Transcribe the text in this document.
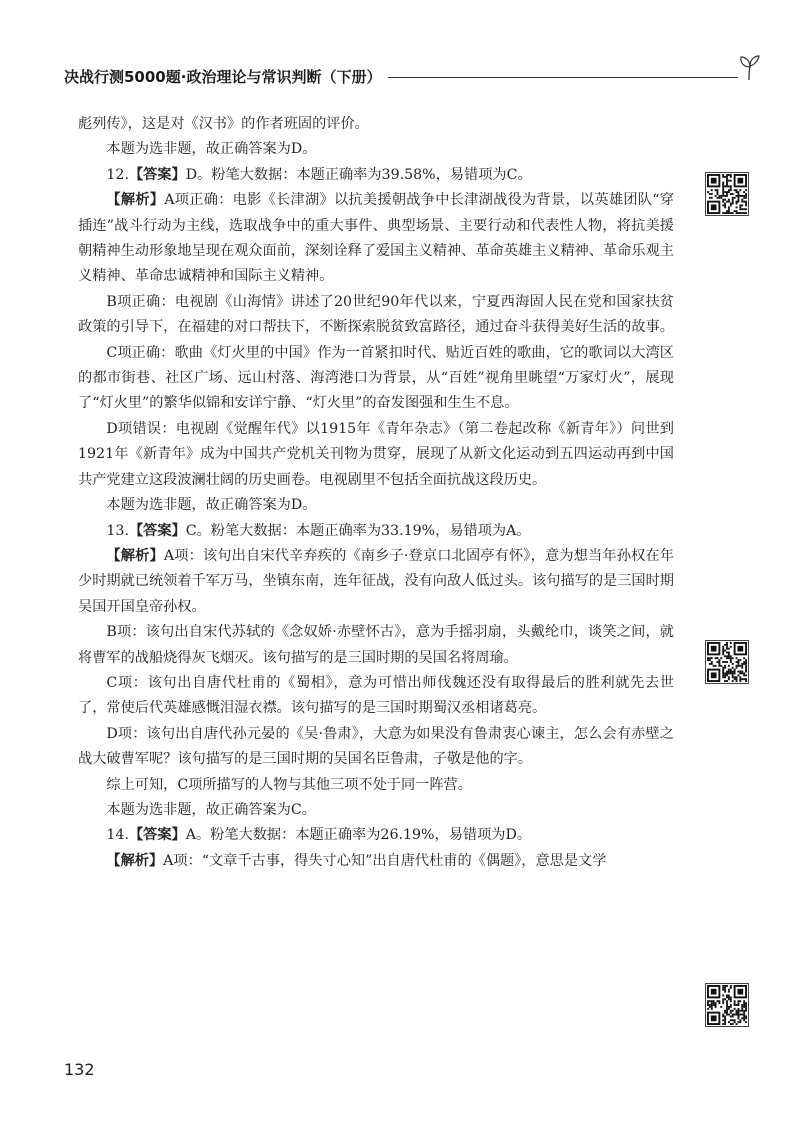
决战行测5000题·政治理论与常识判断（下册）

彪列传》，这是对《汉书》的作者班固的评价。

本题为选非题，故正确答案为D。

12.【答案】D。粉笔大数据：本题正确率为39.58%，易错项为C。

【解析】A项正确：电影《长津湖》以抗美援朝战争中长津湖战役为背景，以英雄团队“穿插连”战斗行动为主线，选取战争中的重大事件、典型场景、主要行动和代表性人物，将抗美援朝精神生动形象地呈现在观众面前，深刻诠释了爱国主义精神、革命英雄主义精神、革命乐观主义精神、革命忠诚精神和国际主义精神。

B项正确：电视剧《山海情》讲述了20世纪90年代以来，宁夏西海固人民在党和国家扶贫政策的引导下，在福建的对口帮扶下，不断探索脱贫致富路径，通过奋斗获得美好生活的故事。

C项正确：歌曲《灯火里的中国》作为一首紧扣时代、贴近百姓的歌曲，它的歌词以大湾区的都市街巷、社区广场、远山村落、海湾港口为背景，从“百姓”视角里眺望“万家灯火”，展现了“灯火里”的繁华似锦和安详宁静、“灯火里”的奋发图强和生生不息。

D项错误：电视剧《觉醒年代》以1915年《青年杂志》（第二卷起改称《新青年》）问世到1921年《新青年》成为中国共产党机关刊物为贯穿，展现了从新文化运动到五四运动再到中国共产党建立这段波澜壮阔的历史画卷。电视剧里不包括全面抗战这段历史。

本题为选非题，故正确答案为D。

13.【答案】C。粉笔大数据：本题正确率为33.19%，易错项为A。

【解析】A项：该句出自宋代辛弃疾的《南乡子·登京口北固亭有怀》，意为想当年孙权在年少时期就已统领着千军万马，坐镇东南，连年征战，没有向敌人低过头。该句描写的是三国时期吴国开国皇帝孙权。

B项：该句出自宋代苏轼的《念奴娇·赤壁怀古》，意为手摇羽扇，头戴纶巾，谈笑之间，就将曹军的战船烧得灰飞烟灭。该句描写的是三国时期的吴国名将周瑜。

C项：该句出自唐代杜甫的《蜀相》，意为可惜出师伐魏还没有取得最后的胜利就先去世了，常使后代英雄感慨泪湿衣襟。该句描写的是三国时期蜀汉丞相诸葛亮。

D项：该句出自唐代孙元晏的《吴·鲁肃》，大意为如果没有鲁肃衷心谏主，怎么会有赤壁之战大破曹军呢？该句描写的是三国时期的吴国名臣鲁肃，子敬是他的字。

综上可知，C项所描写的人物与其他三项不处于同一阵营。

本题为选非题，故正确答案为C。

14.【答案】A。粉笔大数据：本题正确率为26.19%，易错项为D。

【解析】A项：“文章千古事，得失寸心知”出自唐代杜甫的《偶题》，意思是文学

132
